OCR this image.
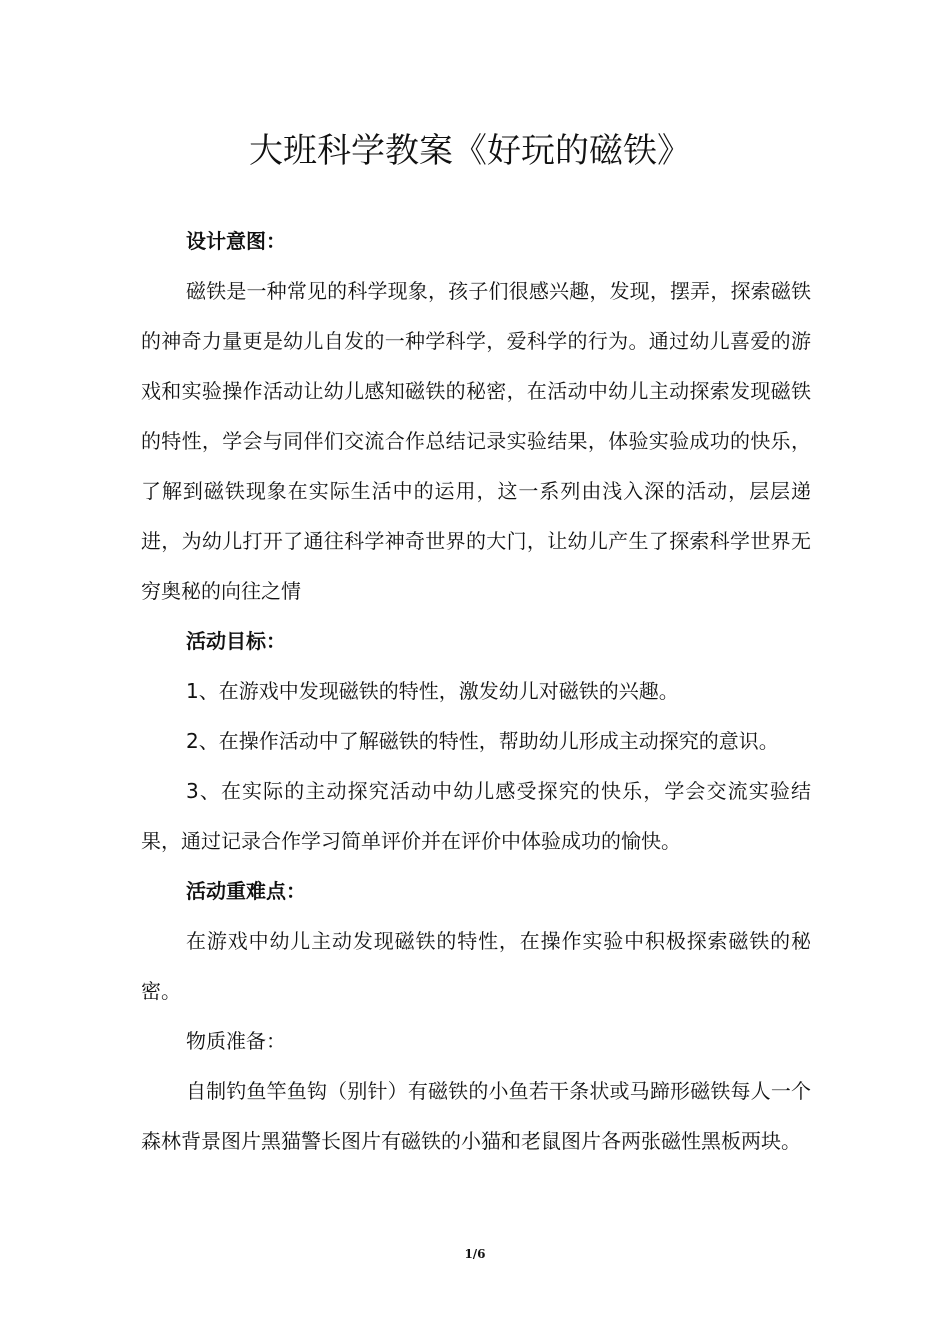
大班科学教案《好玩的磁铁》

设计意图：

磁铁是一种常见的科学现象，孩子们很感兴趣，发现，摆弄，探索磁铁的神奇力量更是幼儿自发的一种学科学，爱科学的行为。通过幼儿喜爱的游戏和实验操作活动让幼儿感知磁铁的秘密，在活动中幼儿主动探索发现磁铁的特性，学会与同伴们交流合作总结记录实验结果，体验实验成功的快乐，了解到磁铁现象在实际生活中的运用，这一系列由浅入深的活动，层层递进，为幼儿打开了通往科学神奇世界的大门，让幼儿产生了探索科学世界无穷奥秘的向往之情

活动目标：

1、在游戏中发现磁铁的特性，激发幼儿对磁铁的兴趣。

2、在操作活动中了解磁铁的特性，帮助幼儿形成主动探究的意识。

3、在实际的主动探究活动中幼儿感受探究的快乐，学会交流实验结果，通过记录合作学习简单评价并在评价中体验成功的愉快。

活动重难点：

在游戏中幼儿主动发现磁铁的特性，在操作实验中积极探索磁铁的秘密。

物质准备：

自制钓鱼竿鱼钩（别针）有磁铁的小鱼若干条状或马蹄形磁铁每人一个森林背景图片黑猫警长图片有磁铁的小猫和老鼠图片各两张磁性黑板两块。

1/6
